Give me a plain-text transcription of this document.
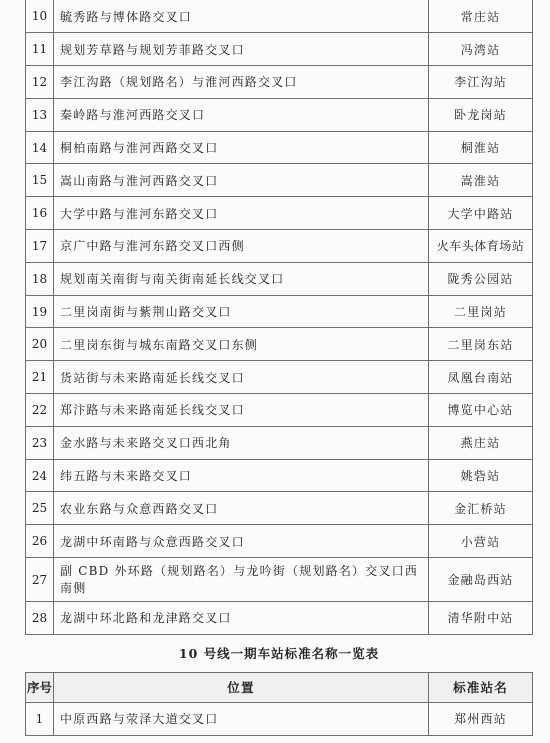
10	毓秀路与博体路交叉口	常庄站
11	规划芳草路与规划芳菲路交叉口	冯湾站
12	李江沟路（规划路名）与淮河西路交叉口	李江沟站
13	秦岭路与淮河西路交叉口	卧龙岗站
14	桐柏南路与淮河西路交叉口	桐淮站
15	嵩山南路与淮河西路交叉口	嵩淮站
16	大学中路与淮河东路交叉口	大学中路站
17	京广中路与淮河东路交叉口西侧	火车头体育场站
18	规划南关南街与南关街南延长线交叉口	陇秀公园站
19	二里岗南街与紫荆山路交叉口	二里岗站
20	二里岗东街与城东南路交叉口东侧	二里岗东站
21	货站街与未来路南延长线交叉口	凤凰台南站
22	郑汴路与未来路南延长线交叉口	博览中心站
23	金水路与未来路交叉口西北角	燕庄站
24	纬五路与未来路交叉口	姚砦站
25	农业东路与众意西路交叉口	金汇桥站
26	龙湖中环南路与众意西路交叉口	小营站
27	副 CBD 外环路（规划路名）与龙吟街（规划路名）交叉口西南侧	金融岛西站
28	龙湖中环北路和龙津路交叉口	清华附中站
10 号线一期车站标准名称一览表		
序号	位置	标准站名
1	中原西路与荥泽大道交叉口	郑州西站
